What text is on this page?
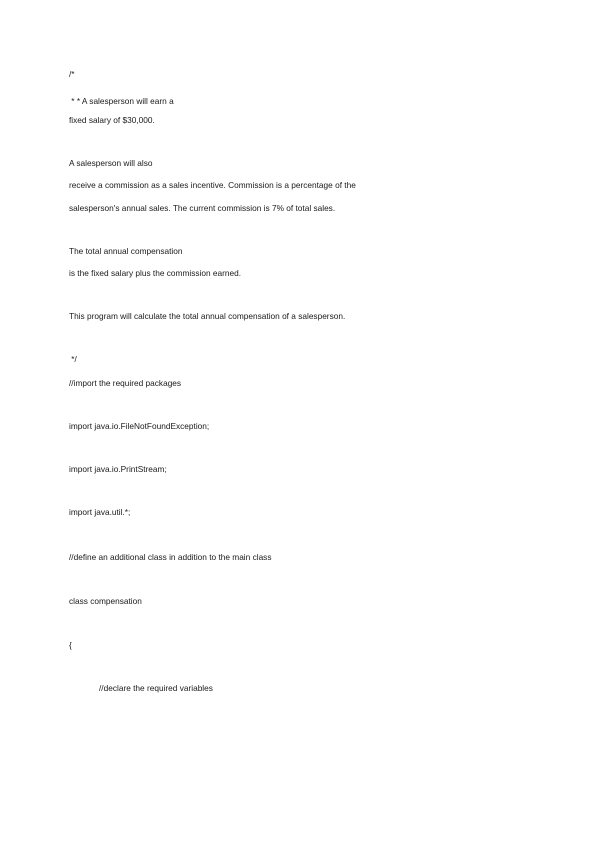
/*
* * A salesperson will earn a
fixed salary of $30,000.
A salesperson will also
receive a commission as a sales incentive. Commission is a percentage of the
salesperson's annual sales. The current commission is 7% of total sales.
The total annual compensation
is the fixed salary plus the commission earned.
This program will calculate the total annual compensation of a salesperson.
*/
//import the required packages
import java.io.FileNotFoundException;
import java.io.PrintStream;
import java.util.*;
//define an additional class in addition to the main class
class compensation
{
//declare the required variables
